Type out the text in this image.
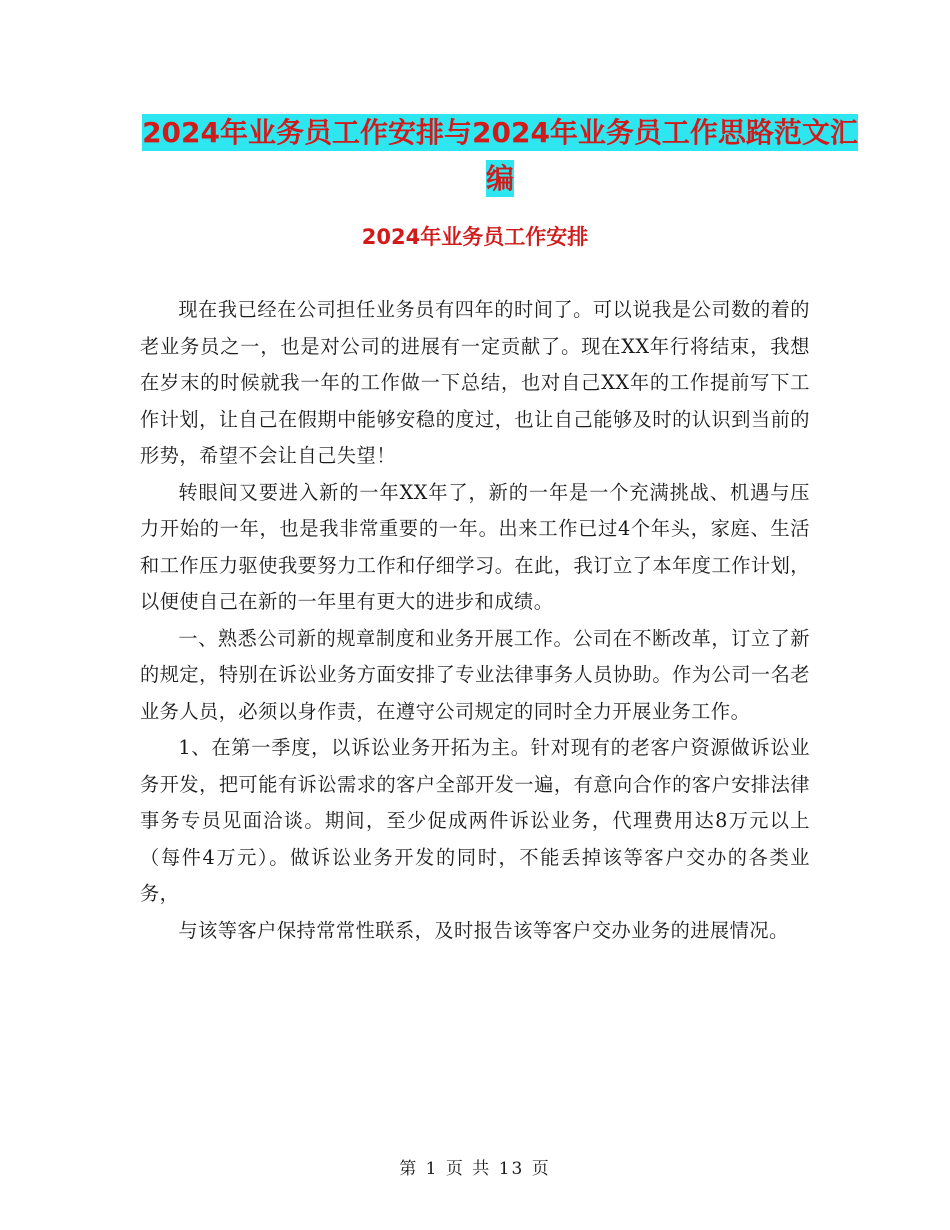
2024年业务员工作安排与2024年业务员工作思路范文汇编
2024年业务员工作安排

现在我已经在公司担任业务员有四年的时间了。可以说我是公司数的着的老业务员之一，也是对公司的进展有一定贡献了。现在XX年行将结束，我想在岁末的时候就我一年的工作做一下总结，也对自己XX年的工作提前写下工作计划，让自己在假期中能够安稳的度过，也让自己能够及时的认识到当前的形势，希望不会让自己失望！

转眼间又要进入新的一年XX年了，新的一年是一个充满挑战、机遇与压力开始的一年，也是我非常重要的一年。出来工作已过4个年头，家庭、生活和工作压力驱使我要努力工作和仔细学习。在此，我订立了本年度工作计划，以便使自己在新的一年里有更大的进步和成绩。

一、熟悉公司新的规章制度和业务开展工作。公司在不断改革，订立了新的规定，特别在诉讼业务方面安排了专业法律事务人员协助。作为公司一名老业务人员，必须以身作责，在遵守公司规定的同时全力开展业务工作。

1、在第一季度，以诉讼业务开拓为主。针对现有的老客户资源做诉讼业务开发，把可能有诉讼需求的客户全部开发一遍，有意向合作的客户安排法律事务专员见面洽谈。期间，至少促成两件诉讼业务，代理费用达8万元以上（每件4万元）。做诉讼业务开发的同时，不能丢掉该等客户交办的各类业务，

与该等客户保持常常性联系，及时报告该等客户交办业务的进展情况。

第 1 页 共 13 页
